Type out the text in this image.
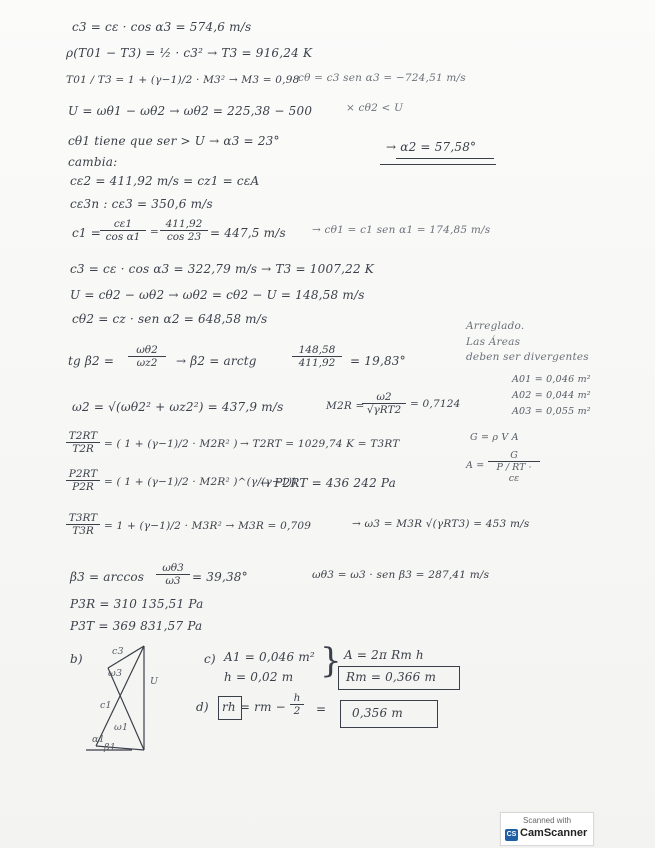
c3 = cε · cos α3 = 574,6 m/s
ρ(T01 − T3) = ½ · c3² → T3 = 916,24 K
T01 / T3 = 1 + (γ−1)/2 · M3² → M3 = 0,98
cθ = c3 sen α3 = −724,51 m/s
U = ωθ1 − ωθ2 → ωθ2 = 225,38 − 500	× cθ2 < U
cθ1 tiene que ser > U → α3 = 23°	→ α2 = 57,58°
cambia:
cε2 = 411,92 m/s = cz1 = cεA
cε3n : cε3 = 350,6 m/s
c1 =
$\frac{c\varepsilon 1}{\text{cos α1}} = \frac{411,92}{\cos 23} = 447,5$ m/s → cθ1 = c1 sen α1 = 174,85 m/s
c3 = cε · cos α3 = 322,79 m/s → T3 = 1007,22 K
U = cθ2 − ωθ2 → ωθ2 = cθ2 − U = 148,58 m/s
cθ2 = cz · sen α2 = 648,58 m/s	Arreglado.
Las Áreas
deben ser divergentes
A01 = 0,046 m²
A02 = 0,044 m²
A03 = 0,055 m²
G = ρ V A
$A = \frac{G}{P / RT \cdot c\varepsilon}$
tg $\beta 2 = \frac{\omega\theta 2}{\omega z2} \to \beta 2$ = arctg	$\frac{148,58}{411,92} = 19,83^\circ$
ω2 = √(ωθ2² + ωz2²) = 437,9 m/s	M2R =
ω2
√γRT2 = 0,7124
$\frac{T2RT}{T2R}$ = ( 1 + (γ−1)/2 · M2R² ) → T2RT = 1029,74 K = T3RT
$\frac{P2RT}{P2R}$ = ( 1 + (γ−1)/2 · M2R² )^(γ/(γ−1))
→ P2RT = 436 242 Pa
$\frac{T3RT}{T3R} = 1 + (\gamma-1)/2 \cdot M3R^2 \to M3R = 0,709$	→ ω3 = M3R √(γRT3) = 453 m/s
$\beta 3 = \arccos \frac{\omega\theta 3}{\omega 3} = 39,38^\circ$	ωθ3 = ω3 · sen β3 = 287,41 m/s
P3R = 310 135,51 Pa
P3T = 369 831,57 Pa
b)
c3
ω3
U
c1
ω1
α1
β1
c) A1 = 0,046 m²
h = 0,02 m } A = 2π Rm h
Rm = 0,366 m
d) rh = rm − $\frac{h}{2} = 0,356$ m
Scanned with
CS CamScanner
